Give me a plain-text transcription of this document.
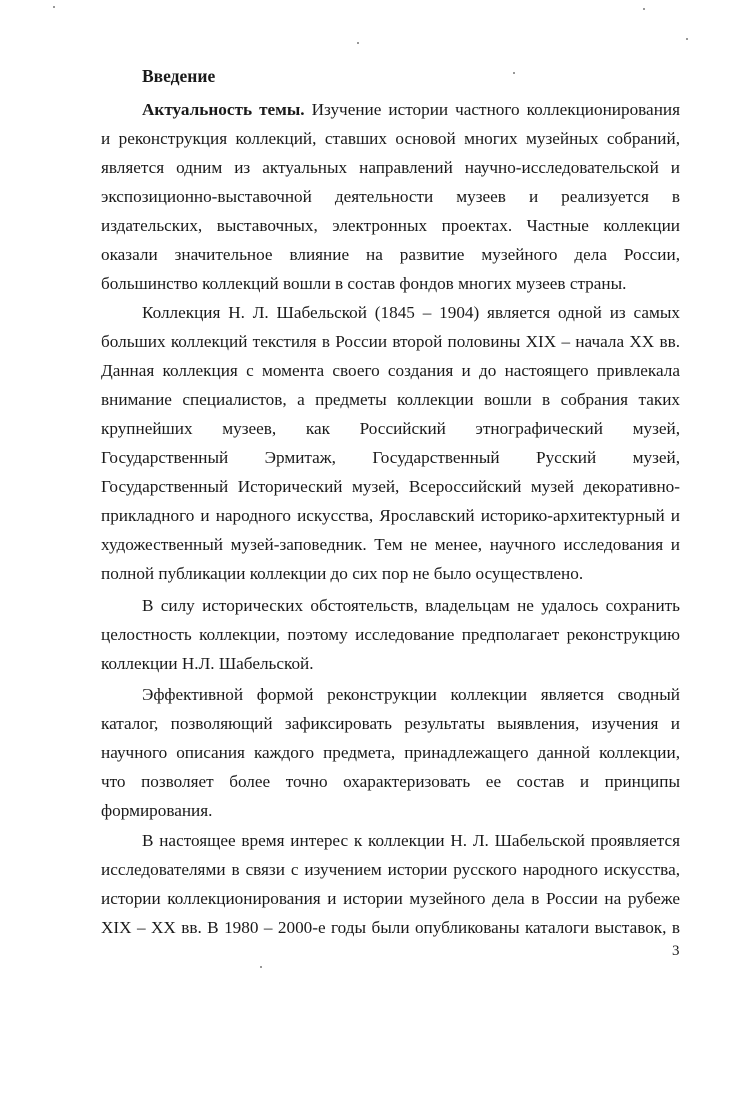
Введение
Актуальность темы. Изучение истории частного коллекционирования
и реконструкция коллекций, ставших основой многих музейных собраний,
является одним из актуальных направлений научно-исследовательской и
экспозиционно-выставочной деятельности музеев и реализуется в
издательских, выставочных, электронных проектах. Частные коллекции
оказали значительное влияние на развитие музейного дела России,
большинство коллекций вошли в состав фондов многих музеев страны.
Коллекция Н. Л. Шабельской (1845 – 1904) является одной из самых
больших коллекций текстиля в России второй половины XIX – начала XX вв.
Данная коллекция с момента своего создания и до настоящего привлекала
внимание специалистов, а предметы коллекции вошли в собрания таких
крупнейших музеев, как Российский этнографический музей,
Государственный Эрмитаж, Государственный Русский музей,
Государственный Исторический музей, Всероссийский музей декоративно-
прикладного и народного искусства, Ярославский историко-архитектурный и
художественный музей-заповедник. Тем не менее, научного исследования и
полной публикации коллекции до сих пор не было осуществлено.
В силу исторических обстоятельств, владельцам не удалось сохранить
целостность коллекции, поэтому исследование предполагает реконструкцию
коллекции Н.Л. Шабельской.
Эффективной формой реконструкции коллекции является сводный
каталог, позволяющий зафиксировать результаты выявления, изучения и
научного описания каждого предмета, принадлежащего данной коллекции,
что позволяет более точно охарактеризовать ее состав и принципы
формирования.
В настоящее время интерес к коллекции Н. Л. Шабельской проявляется
исследователями в связи с изучением истории русского народного искусства,
истории коллекционирования и истории музейного дела в России на рубеже
XIX – XX вв. В 1980 – 2000-е годы были опубликованы каталоги выставок, в
3
